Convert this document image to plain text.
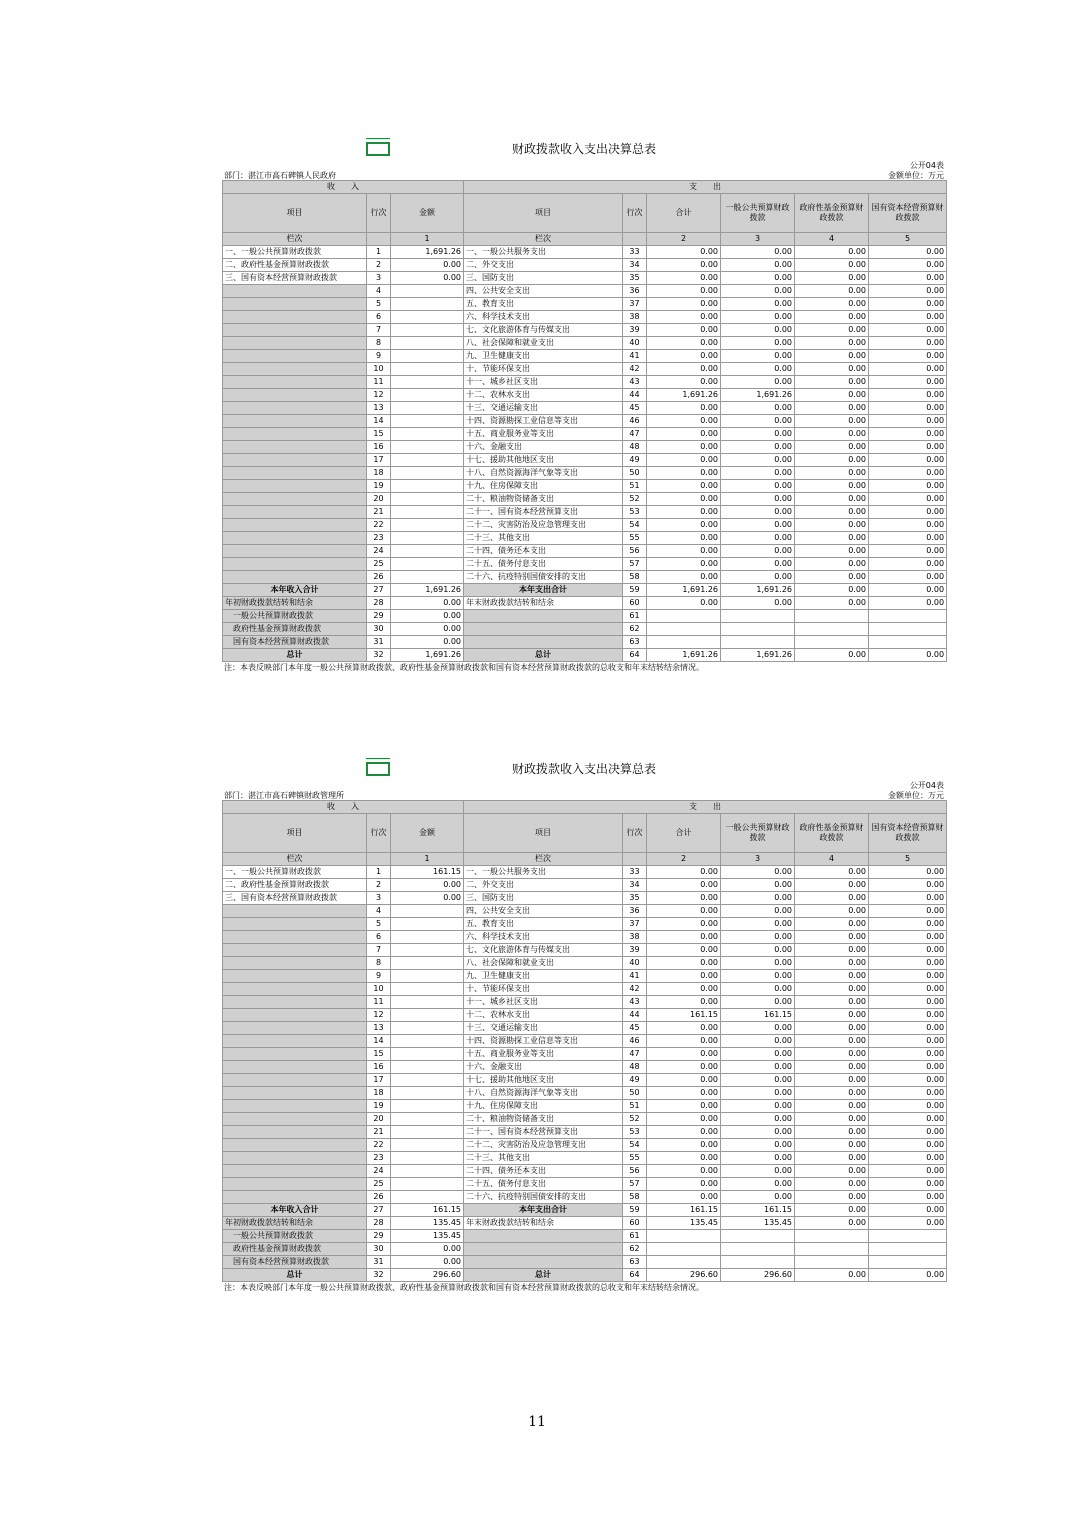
财政拨款收入支出决算总表
公开04表
部门：湛江市高石碑镇人民政府	金额单位：万元
收　　入			支　　出					
项目	行次	金额	项目	行次	合计	一般公共预算财政拨款	政府性基金预算财政拨款	国有资本经营预算财政拨款
栏次		1	栏次		2	3	4	5
一、一般公共预算财政拨款	1	1,691.26	一、一般公共服务支出	33	0.00	0.00	0.00	0.00
二、政府性基金预算财政拨款	2	0.00	二、外交支出	34	0.00	0.00	0.00	0.00
三、国有资本经营预算财政拨款	3	0.00	三、国防支出	35	0.00	0.00	0.00	0.00
	4		四、公共安全支出	36	0.00	0.00	0.00	0.00
	5		五、教育支出	37	0.00	0.00	0.00	0.00
	6		六、科学技术支出	38	0.00	0.00	0.00	0.00
	7		七、文化旅游体育与传媒支出	39	0.00	0.00	0.00	0.00
	8		八、社会保障和就业支出	40	0.00	0.00	0.00	0.00
	9		九、卫生健康支出	41	0.00	0.00	0.00	0.00
	10		十、节能环保支出	42	0.00	0.00	0.00	0.00
	11		十一、城乡社区支出	43	0.00	0.00	0.00	0.00
	12		十二、农林水支出	44	1,691.26	1,691.26	0.00	0.00
	13		十三、交通运输支出	45	0.00	0.00	0.00	0.00
	14		十四、资源勘探工业信息等支出	46	0.00	0.00	0.00	0.00
	15		十五、商业服务业等支出	47	0.00	0.00	0.00	0.00
	16		十六、金融支出	48	0.00	0.00	0.00	0.00
	17		十七、援助其他地区支出	49	0.00	0.00	0.00	0.00
	18		十八、自然资源海洋气象等支出	50	0.00	0.00	0.00	0.00
	19		十九、住房保障支出	51	0.00	0.00	0.00	0.00
	20		二十、粮油物资储备支出	52	0.00	0.00	0.00	0.00
	21		二十一、国有资本经营预算支出	53	0.00	0.00	0.00	0.00
	22		二十二、灾害防治及应急管理支出	54	0.00	0.00	0.00	0.00
	23		二十三、其他支出	55	0.00	0.00	0.00	0.00
	24		二十四、债务还本支出	56	0.00	0.00	0.00	0.00
	25		二十五、债务付息支出	57	0.00	0.00	0.00	0.00
	26		二十六、抗疫特别国债安排的支出	58	0.00	0.00	0.00	0.00
本年收入合计	27	1,691.26	本年支出合计	59	1,691.26	1,691.26	0.00	0.00
年初财政拨款结转和结余	28	0.00	年末财政拨款结转和结余	60	0.00	0.00	0.00	0.00
一般公共预算财政拨款	29	0.00		61				
政府性基金预算财政拨款	30	0.00		62				
国有资本经营预算财政拨款	31	0.00		63				
总计	32	1,691.26	总计	64	1,691.26	1,691.26	0.00	0.00
注：本表反映部门本年度一般公共预算财政拨款、政府性基金预算财政拨款和国有资本经营预算财政拨款的总收支和年末结转结余情况。
财政拨款收入支出决算总表
公开04表
部门：湛江市高石碑镇财政管理所	金额单位：万元
收　　入			支　　出					
项目	行次	金额	项目	行次	合计	一般公共预算财政拨款	政府性基金预算财政拨款	国有资本经营预算财政拨款
栏次		1	栏次		2	3	4	5
一、一般公共预算财政拨款	1	161.15	一、一般公共服务支出	33	0.00	0.00	0.00	0.00
二、政府性基金预算财政拨款	2	0.00	二、外交支出	34	0.00	0.00	0.00	0.00
三、国有资本经营预算财政拨款	3	0.00	三、国防支出	35	0.00	0.00	0.00	0.00
	4		四、公共安全支出	36	0.00	0.00	0.00	0.00
	5		五、教育支出	37	0.00	0.00	0.00	0.00
	6		六、科学技术支出	38	0.00	0.00	0.00	0.00
	7		七、文化旅游体育与传媒支出	39	0.00	0.00	0.00	0.00
	8		八、社会保障和就业支出	40	0.00	0.00	0.00	0.00
	9		九、卫生健康支出	41	0.00	0.00	0.00	0.00
	10		十、节能环保支出	42	0.00	0.00	0.00	0.00
	11		十一、城乡社区支出	43	0.00	0.00	0.00	0.00
	12		十二、农林水支出	44	161.15	161.15	0.00	0.00
	13		十三、交通运输支出	45	0.00	0.00	0.00	0.00
	14		十四、资源勘探工业信息等支出	46	0.00	0.00	0.00	0.00
	15		十五、商业服务业等支出	47	0.00	0.00	0.00	0.00
	16		十六、金融支出	48	0.00	0.00	0.00	0.00
	17		十七、援助其他地区支出	49	0.00	0.00	0.00	0.00
	18		十八、自然资源海洋气象等支出	50	0.00	0.00	0.00	0.00
	19		十九、住房保障支出	51	0.00	0.00	0.00	0.00
	20		二十、粮油物资储备支出	52	0.00	0.00	0.00	0.00
	21		二十一、国有资本经营预算支出	53	0.00	0.00	0.00	0.00
	22		二十二、灾害防治及应急管理支出	54	0.00	0.00	0.00	0.00
	23		二十三、其他支出	55	0.00	0.00	0.00	0.00
	24		二十四、债务还本支出	56	0.00	0.00	0.00	0.00
	25		二十五、债务付息支出	57	0.00	0.00	0.00	0.00
	26		二十六、抗疫特别国债安排的支出	58	0.00	0.00	0.00	0.00
本年收入合计	27	161.15	本年支出合计	59	161.15	161.15	0.00	0.00
年初财政拨款结转和结余	28	135.45	年末财政拨款结转和结余	60	135.45	135.45	0.00	0.00
一般公共预算财政拨款	29	135.45		61				
政府性基金预算财政拨款	30	0.00		62				
国有资本经营预算财政拨款	31	0.00		63				
总计	32	296.60	总计	64	296.60	296.60	0.00	0.00
注：本表反映部门本年度一般公共预算财政拨款、政府性基金预算财政拨款和国有资本经营预算财政拨款的总收支和年末结转结余情况。
11
